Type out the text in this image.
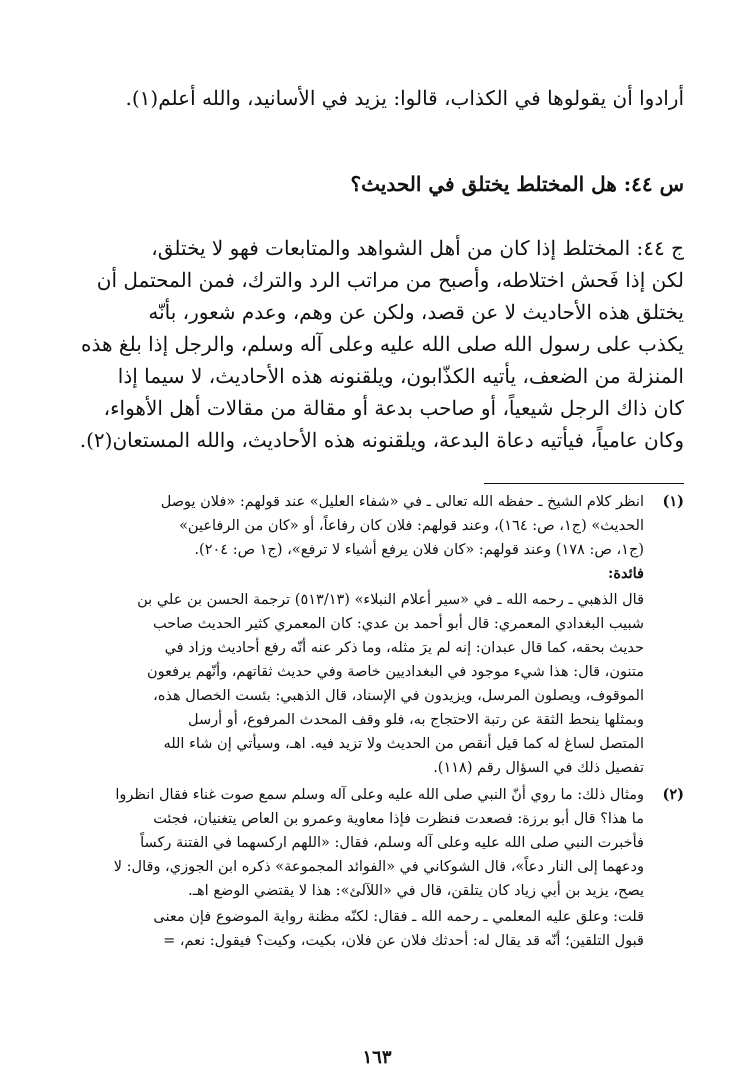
أرادوا أن يقولوها في الكذاب، قالوا: يزيد في الأسانيد، والله أعلم(١).
س ٤٤: هل المختلط يختلق في الحديث؟
ج ٤٤: المختلط إذا كان من أهل الشواهد والمتابعات فهو لا يختلق،
لكن إذا فَحش اختلاطه، وأصبح من مراتب الرد والترك، فمن المحتمل أن
يختلق هذه الأحاديث لا عن قصد، ولكن عن وهم، وعدم شعور، بأنّه
يكذب على رسول الله صلى الله عليه وعلى آله وسلم، والرجل إذا بلغ هذه
المنزلة من الضعف، يأتيه الكذّابون، ويلقنونه هذه الأحاديث، لا سيما إذا
كان ذاك الرجل شيعياً، أو صاحب بدعة أو مقالة من مقالات أهل الأهواء،
وكان عامياً، فيأتيه دعاة البدعة، ويلقنونه هذه الأحاديث، والله المستعان(٢).
(١)
انظر كلام الشيخ ـ حفظه الله تعالى ـ في «شفاء العليل» عند قولهم: «فلان يوصل
الحديث» (ج١، ص: ١٦٤)، وعند قولهم: فلان كان رفاعاً، أو «كان من الرفاعين»
(ج١، ص: ١٧٨) وعند قولهم: «كان فلان يرفع أشياء لا ترفع»، (ج١ ص: ٢٠٤).
فائدة:
قال الذهبي ـ رحمه الله ـ في «سير أعلام النبلاء» (٥١٣/١٣) ترجمة الحسن بن علي بن
شبيب البغدادي المعمري: قال أبو أحمد بن عدي: كان المعمري كثير الحديث صاحب
حديث بحقه، كما قال عبدان: إنه لم يرَ مثله، وما ذكر عنه أنّه رفع أحاديث وزاد في
متنون، قال: هذا شيء موجود في البغداديين خاصة وفي حديث ثقاتهم، وأنّهم يرفعون
الموقوف، ويصلون المرسل، ويزيدون في الإسناد، قال الذهبي: بئست الخصال هذه،
وبمثلها ينحط الثقة عن رتبة الاحتجاج به، فلو وقف المحدث المرفوع، أو أرسل
المتصل لساغ له كما قيل أنقص من الحديث ولا تزيد فيه. اهـ، وسيأتي إن شاء الله
تفصيل ذلك في السؤال رقم (١١٨).
(٢)
ومثال ذلك: ما روي أنّ النبي صلى الله عليه وعلى آله وسلم سمع صوت غناء فقال انظروا
ما هذا؟ قال أبو برزة: فصعدت فنظرت فإذا معاوية وعمرو بن العاص يتغنيان، فجئت
فأخبرت النبي صلى الله عليه وعلى آله وسلم، فقال: «اللهم اركسهما في الفتنة ركساً
ودعهما إلى النار دعاً»، قال الشوكاني في «الفوائد المجموعة» ذكره ابن الجوزي، وقال: لا
يصح، يزيد بن أبي زياد كان يتلقن، قال في «اللآلئ»: هذا لا يقتضي الوضع اهـ.
قلت: وعلق عليه المعلمي ـ رحمه الله ـ فقال: لكنّه مظنة رواية الموضوع فإن معنى
قبول التلقين؛ أنّه قد يقال له: أحدثك فلان عن فلان، بكيت، وكيت؟ فيقول: نعم، =
١٦٣
